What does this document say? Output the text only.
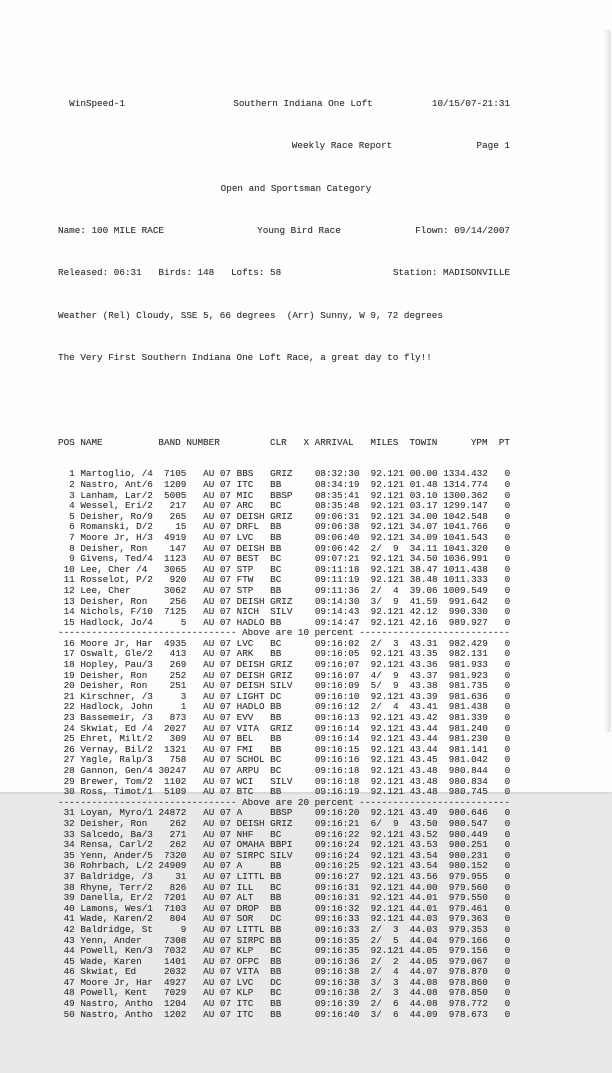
WinSpeed-1	Southern Indiana One Loft	10/15/07-21:31

Weekly Race Report	Page 1

Open and Sportsman Category

Name: 100 MILE RACE	Young Bird Race	Flown: 09/14/2007

Released: 06:31 Birds: 148 Lofts: 58	Station: MADISONVILLE

Weather (Rel) Cloudy, SSE 5, 66 degrees  (Arr) Sunny, W 9, 72 degrees

The Very First Southern Indiana One Loft Race, a great day to fly!!

POS NAME          BAND NUMBER         CLR   X ARRIVAL   MILES  TOWIN      YPM  PT

1 Martoglio, /4  7105 AU 07 BBS   GRIZ 08:32:30 92.121 00.00 1334.432   0
2 Nastro, Ant/6  1209 AU 07 ITC   BB      08:34:19 92.121 01.48 1314.774   0
3 Lanham, Lar/2  5005 AU 07 MIC   BBSP 08:35:41 92.121 03.10 1300.362   0
4 Wessel, Eri/2   217 AU 07 ARC   BC      08:35:48 92.121 03.17 1299.147   0
5 Deisher, Ro/9   265 AU 07 DEISH GRIZ 09:06:31 92.121 34.00 1042.548   0
6 Romanski, D/2    15 AU 07 DRFL  BB      09:06:38 92.121 34.07 1041.766   0
7 Moore Jr, H/3  4919 AU 07 LVC   BB      09:06:40 92.121 34.09 1041.543   0
8 Deisher, Ron    147 AU 07 DEISH BB      09:06:42 2/  9  34.11 1041.320   0
9 Givens, Ted/4  1123 AU 07 BEST  BC      09:07:21 92.121 34.50 1036.991   0
10 Lee, Cher /4   3065 AU 07 STP   BC      09:11:18 92.121 38.47 1011.438   0
11 Rosselot, P/2   920 AU 07 FTW   BC      09:11:19 92.121 38.48 1011.333   0
12 Lee, Cher      3062 AU 07 STP   BB      09:11:36 2/  4  39.06 1009.549   0
13 Deisher, Ron    256 AU 07 DEISH GRIZ 09:14:30 3/  9  41.59  991.642   0
14 Nichols, F/10  7125 AU 07 NICH  SILV 09:14:43 92.121 42.12  990.330   0
15 Hadlock, Jo/4     5 AU 07 HADLO BB      09:14:47 92.121 42.16  989.927   0
-------------------------------- Above are 10 percent ---------------------------
16 Moore Jr, Har  4935 AU 07 LVC   BC      09:16:02 2/  3  43.31  982.429   0
17 Oswalt, Gle/2   413 AU 07 ARK   BB      09:16:05 92.121 43.35  982.131   0
18 Hopley, Pau/3   269 AU 07 DEISH GRIZ 09:16:07 92.121 43.36  981.933   0
19 Deisher, Ron    252 AU 07 DEISH GRIZ 09:16:07 4/  9  43.37  981.923   0
20 Deisher, Ron    251 AU 07 DEISH SILV 09:16:09 5/  9  43.38  981.735   0
21 Kirschner, /3     3 AU 07 LIGHT DC      09:16:10 92.121 43.39  981.636   0
22 Hadlock, John     1 AU 07 HADLO BB      09:16:12 2/  4  43.41  981.438   0
23 Bassemeir, /3   873 AU 07 EVV   BB      09:16:13 92.121 43.42  981.339   0
24 Skwiat, Ed /4  2027 AU 07 VITA  GRIZ 09:16:14 92.121 43.44  981.240   0
25 Ehret, Milt/2   309 AU 07 BEL   BB      09:16:14 92.121 43.44  981.230   0
26 Vernay, Bil/2  1321 AU 07 FMI   BB      09:16:15 92.121 43.44  981.141   0
27 Yagle, Ralp/3   758 AU 07 SCHOL BC      09:16:16 92.121 43.45  981.042   0
28 Gannon, Gen/4 30247 AU 07 ARPU  BC      09:16:18 92.121 43.48  980.844   0
29 Brewer, Tom/2  1102 AU 07 WCI   SILV 09:16:18 92.121 43.48  980.834   0
30 Ross, Timot/1  5109 AU 07 BTC   BB      09:16:19 92.121 43.48  980.745   0
-------------------------------- Above are 20 percent ---------------------------
31 Loyan, Myro/1 24872 AU 07 A     BBSP 09:16:20 92.121 43.49  980.646   0
32 Deisher, Ron    262 AU 07 DEISH GRIZ 09:16:21 6/  9  43.50  980.547   0
33 Salcedo, Ba/3   271 AU 07 NHF   BC      09:16:22 92.121 43.52  980.449   0
34 Rensa, Carl/2   262 AU 07 OMAHA BBPI 09:16:24 92.121 43.53  980.251   0
35 Yenn, Ander/5  7320 AU 07 SIRPC SILV 09:16:24 92.121 43.54  980.231   0
36 Rohrbach, L/2 24909 AU 07 A     BB      09:16:25 92.121 43.54  980.152   0
37 Baldridge, /3    31 AU 07 LITTL BB      09:16:27 92.121 43.56  979.955   0
38 Rhyne, Terr/2   826 AU 07 ILL   BC      09:16:31 92.121 44.00  979.560   0
39 Danella, Er/2  7201 AU 07 ALT   BB      09:16:31 92.121 44.01  979.550   0
40 Lamons, Wes/1  7103 AU 07 DROP  BB      09:16:32 92.121 44.01  979.461   0
41 Wade, Karen/2   804 AU 07 SOR   DC      09:16:33 92.121 44.03  979.363   0
42 Baldridge, St     9 AU 07 LITTL BB      09:16:33 2/  3  44.03  979.353   0
43 Yenn, Ander    7308 AU 07 SIRPC BB      09:16:35 2/  5  44.04  979.166   0
44 Powell, Ken/3  7032 AU 07 KLP   BC      09:16:35 92.121 44.05  979.156   0
45 Wade, Karen    1401 AU 07 OFPC  BB      09:16:36 2/  2  44.05  979.067   0
46 Skwiat, Ed     2032 AU 07 VITA  BB      09:16:38 2/  4  44.07  978.870   0
47 Moore Jr, Har  4927 AU 07 LVC   DC      09:16:38 3/  3  44.08  978.860   0
48 Powell, Kent   7029 AU 07 KLP   BC      09:16:38 2/  3  44.08  978.850   0
49 Nastro, Antho  1204 AU 07 ITC   BB      09:16:39 2/  6  44.08  978.772   0
50 Nastro, Antho  1202 AU 07 ITC   BB      09:16:40 3/  6  44.09  978.673   0
